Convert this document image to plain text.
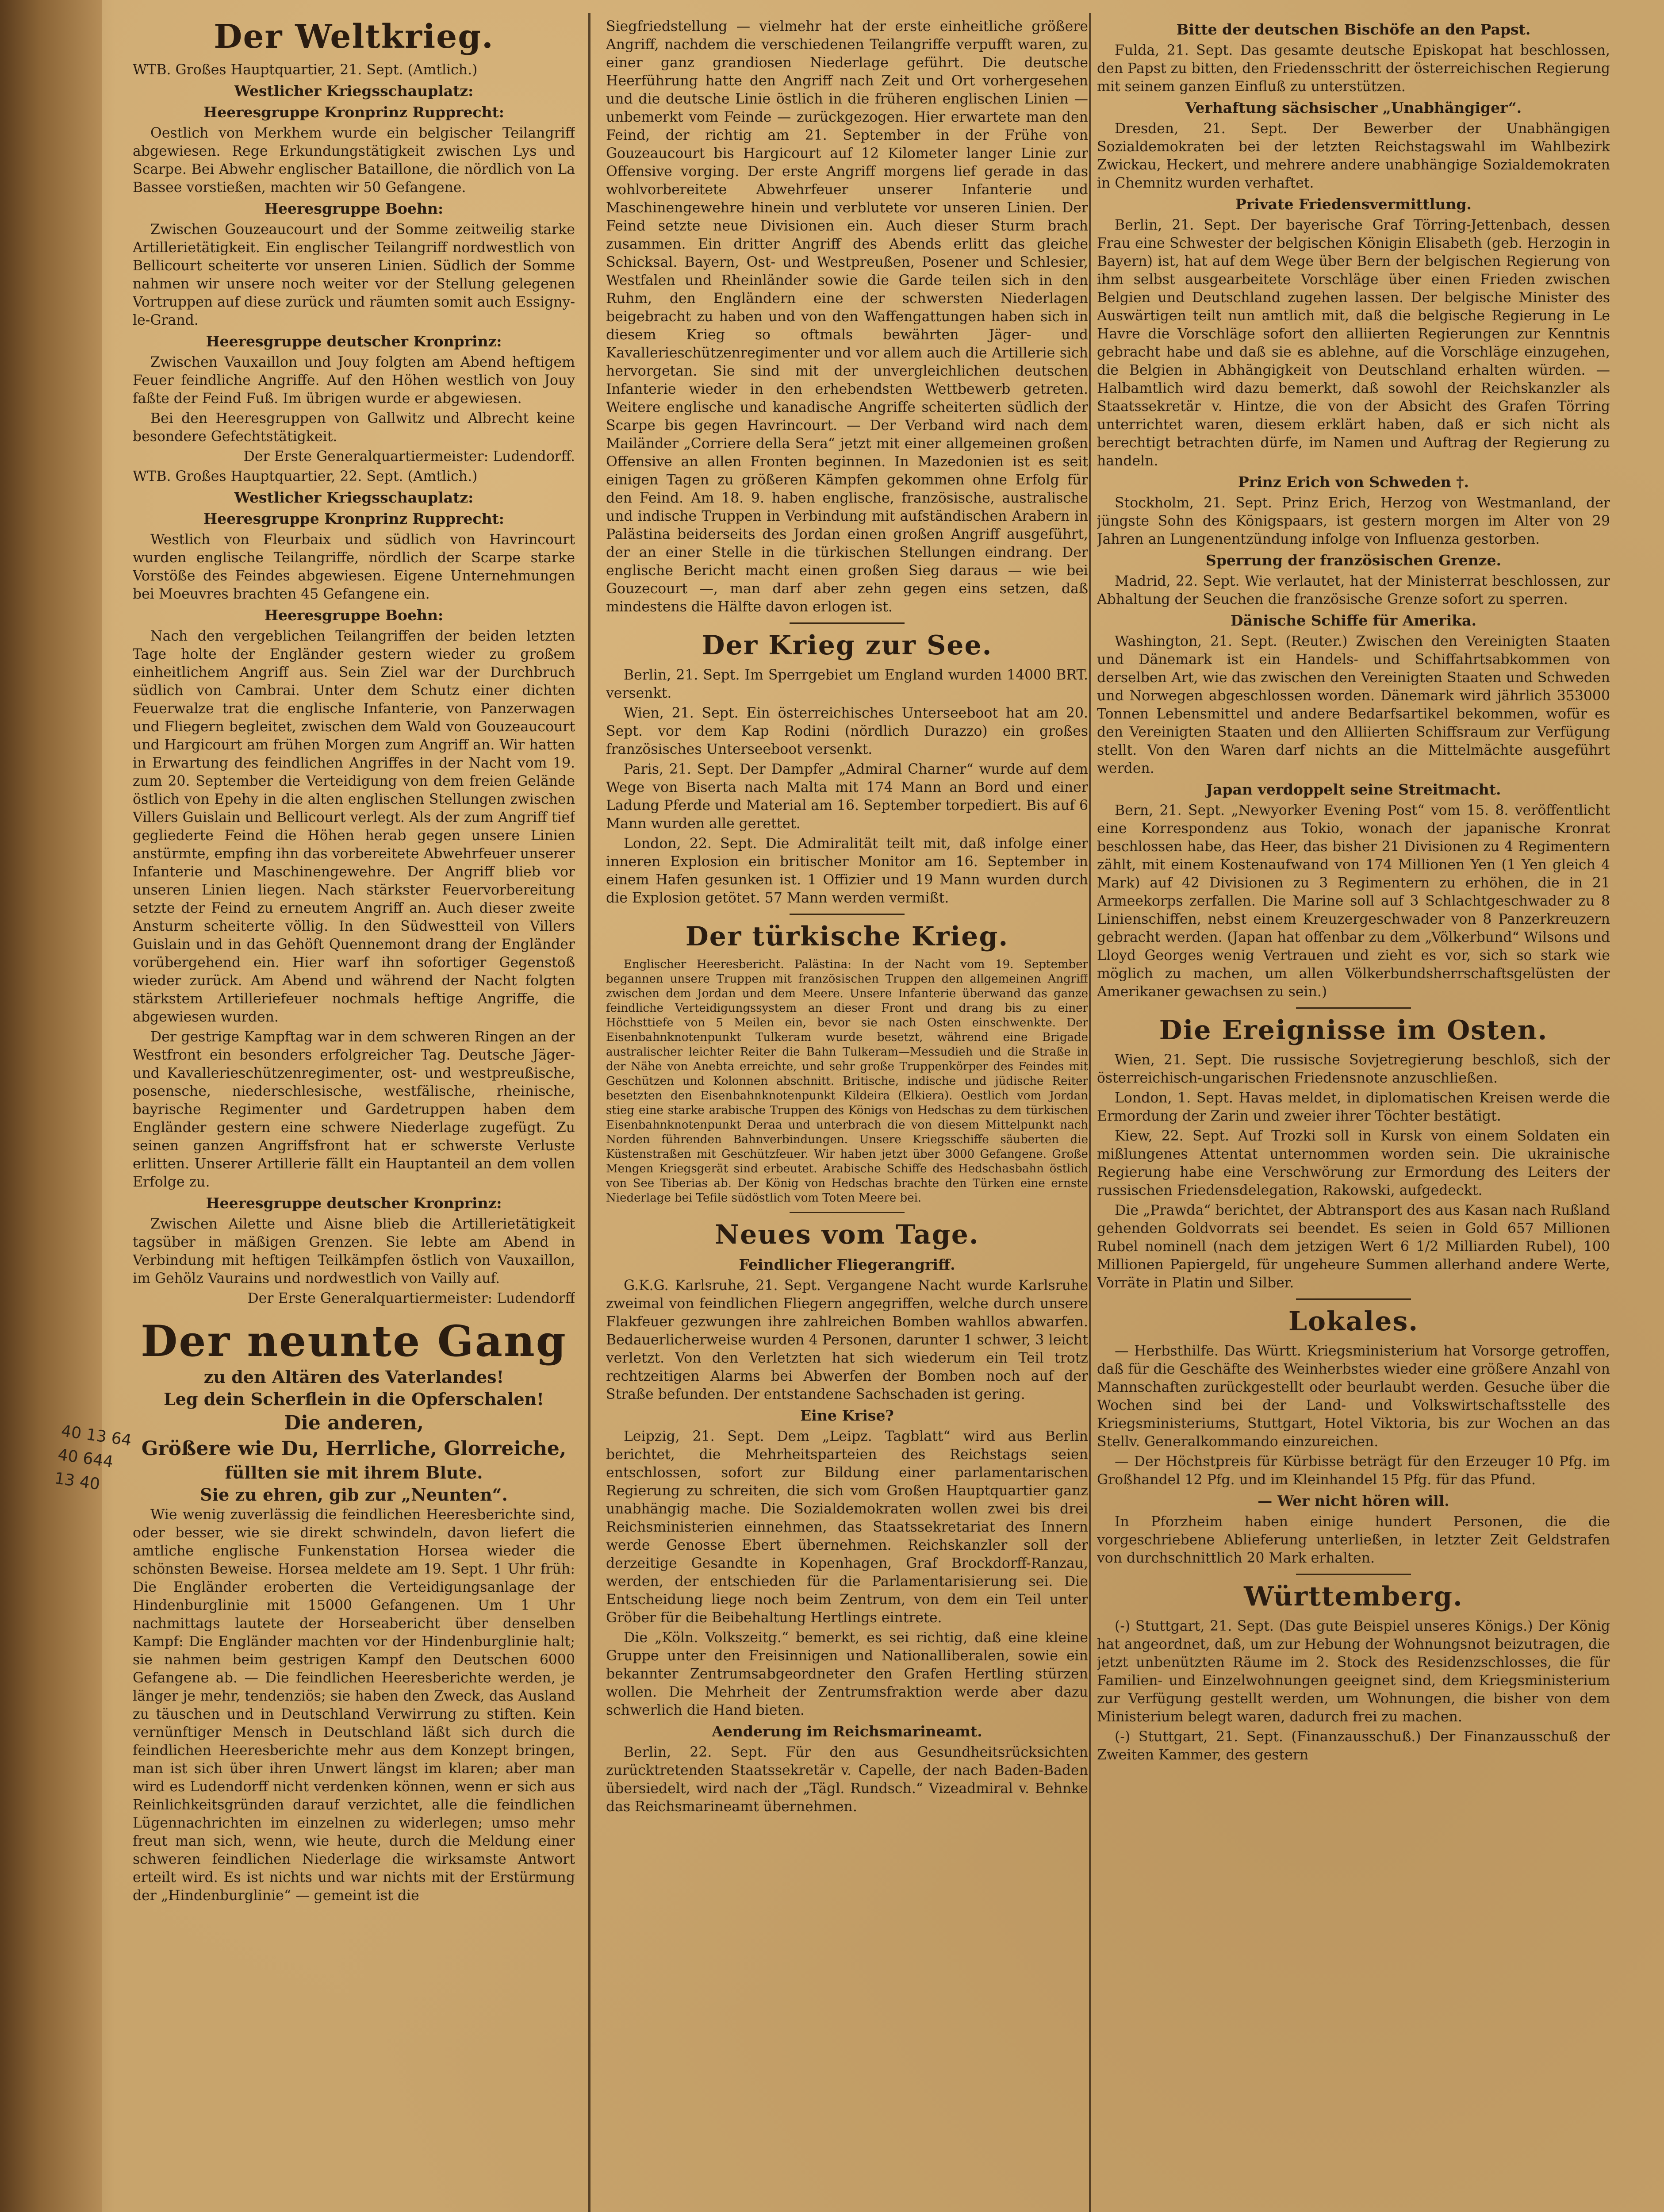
40 13 64 40 644 13 40
Der Weltkrieg.
WTB. Großes Hauptquartier, 21. Sept. (Amtlich.)
Westlicher Kriegsschauplatz:
Heeresgruppe Kronprinz Rupprecht:
Oestlich von Merkhem wurde ein belgischer Teilangriff abgewiesen. Rege Erkundungstätigkeit zwischen Lys und Scarpe. Bei Abwehr englischer Bataillone, die nördlich von La Bassee vorstießen, machten wir 50 Gefangene.
Heeresgruppe Boehn:
Zwischen Gouzeaucourt und der Somme zeitweilig starke Artillerietätigkeit. Ein englischer Teilangriff nordwestlich von Bellicourt scheiterte vor unseren Linien. Südlich der Somme nahmen wir unsere noch weiter vor der Stellung gelegenen Vortruppen auf diese zurück und räumten somit auch Essigny-le-Grand.
Heeresgruppe deutscher Kronprinz:
Zwischen Vauxaillon und Jouy folgten am Abend heftigem Feuer feindliche Angriffe. Auf den Höhen westlich von Jouy faßte der Feind Fuß. Im übrigen wurde er abgewiesen.
Bei den Heeresgruppen von Gallwitz und Albrecht keine besondere Gefechtstätigkeit.
Der Erste Generalquartiermeister: Ludendorff.
WTB. Großes Hauptquartier, 22. Sept. (Amtlich.)
Westlicher Kriegsschauplatz:
Heeresgruppe Kronprinz Rupprecht:
Westlich von Fleurbaix und südlich von Havrincourt wurden englische Teilangriffe, nördlich der Scarpe starke Vorstöße des Feindes abgewiesen. Eigene Unternehmungen bei Moeuvres brachten 45 Gefangene ein.
Heeresgruppe Boehn:
Nach den vergeblichen Teilangriffen der beiden letzten Tage holte der Engländer gestern wieder zu großem einheitlichem Angriff aus. Sein Ziel war der Durchbruch südlich von Cambrai. Unter dem Schutz einer dichten Feuerwalze trat die englische Infanterie, von Panzerwagen und Fliegern begleitet, zwischen dem Wald von Gouzeaucourt und Hargicourt am frühen Morgen zum Angriff an. Wir hatten in Erwartung des feindlichen Angriffes in der Nacht vom 19. zum 20. September die Verteidigung von dem freien Gelände östlich von Epehy in die alten englischen Stellungen zwischen Villers Guislain und Bellicourt verlegt. Als der zum Angriff tief gegliederte Feind die Höhen herab gegen unsere Linien anstürmte, empfing ihn das vorbereitete Abwehrfeuer unserer Infanterie und Maschinengewehre. Der Angriff blieb vor unseren Linien liegen. Nach stärkster Feuervorbereitung setzte der Feind zu erneutem Angriff an. Auch dieser zweite Ansturm scheiterte völlig. In den Südwestteil von Villers Guislain und in das Gehöft Quennemont drang der Engländer vorübergehend ein. Hier warf ihn sofortiger Gegenstoß wieder zurück. Am Abend und während der Nacht folgten stärkstem Artilleriefeuer nochmals heftige Angriffe, die abgewiesen wurden.
Der gestrige Kampftag war in dem schweren Ringen an der Westfront ein besonders erfolgreicher Tag. Deutsche Jäger- und Kavallerieschützenregimenter, ost- und westpreußische, posensche, niederschlesische, westfälische, rheinische, bayrische Regimenter und Gardetruppen haben dem Engländer gestern eine schwere Niederlage zugefügt. Zu seinen ganzen Angriffsfront hat er schwerste Verluste erlitten. Unserer Artillerie fällt ein Hauptanteil an dem vollen Erfolge zu.
Heeresgruppe deutscher Kronprinz:
Zwischen Ailette und Aisne blieb die Artillerietätigkeit tagsüber in mäßigen Grenzen. Sie lebte am Abend in Verbindung mit heftigen Teilkämpfen östlich von Vauxaillon, im Gehölz Vaurains und nordwestlich von Vailly auf.
Der Erste Generalquartiermeister: Ludendorff
Der neunte Gang
zu den Altären des Vaterlandes!
Leg dein Scherflein in die Opferschalen!
Die anderen,
Größere wie Du, Herrliche, Glorreiche,
füllten sie mit ihrem Blute.
Sie zu ehren, gib zur „Neunten“.
Wie wenig zuverlässig die feindlichen Heeresberichte sind, oder besser, wie sie direkt schwindeln, davon liefert die amtliche englische Funkenstation Horsea wieder die schönsten Beweise. Horsea meldete am 19. Sept. 1 Uhr früh: Die Engländer eroberten die Verteidigungsanlage der Hindenburglinie mit 15000 Gefangenen. Um 1 Uhr nachmittags lautete der Horseabericht über denselben Kampf: Die Engländer machten vor der Hindenburglinie halt; sie nahmen beim gestrigen Kampf den Deutschen 6000 Gefangene ab. — Die feindlichen Heeresberichte werden, je länger je mehr, tendenziös; sie haben den Zweck, das Ausland zu täuschen und in Deutschland Verwirrung zu stiften. Kein vernünftiger Mensch in Deutschland läßt sich durch die feindlichen Heeresberichte mehr aus dem Konzept bringen, man ist sich über ihren Unwert längst im klaren; aber man wird es Ludendorff nicht verdenken können, wenn er sich aus Reinlichkeitsgründen darauf verzichtet, alle die feindlichen Lügennachrichten im einzelnen zu widerlegen; umso mehr freut man sich, wenn, wie heute, durch die Meldung einer schweren feindlichen Niederlage die wirksamste Antwort erteilt wird. Es ist nichts und war nichts mit der Erstürmung der „Hindenburglinie“ — gemeint ist die
Siegfriedstellung — vielmehr hat der erste einheitliche größere Angriff, nachdem die verschiedenen Teilangriffe verpufft waren, zu einer ganz grandiosen Niederlage geführt. Die deutsche Heerführung hatte den Angriff nach Zeit und Ort vorhergesehen und die deutsche Linie östlich in die früheren englischen Linien — unbemerkt vom Feinde — zurückgezogen. Hier erwartete man den Feind, der richtig am 21. September in der Frühe von Gouzeaucourt bis Hargicourt auf 12 Kilometer langer Linie zur Offensive vorging. Der erste Angriff morgens lief gerade in das wohlvorbereitete Abwehrfeuer unserer Infanterie und Maschinengewehre hinein und verblutete vor unseren Linien. Der Feind setzte neue Divisionen ein. Auch dieser Sturm brach zusammen. Ein dritter Angriff des Abends erlitt das gleiche Schicksal. Bayern, Ost- und Westpreußen, Posener und Schlesier, Westfalen und Rheinländer sowie die Garde teilen sich in den Ruhm, den Engländern eine der schwersten Niederlagen beigebracht zu haben und von den Waffengattungen haben sich in diesem Krieg so oftmals bewährten Jäger- und Kavallerieschützenregimenter und vor allem auch die Artillerie sich hervorgetan. Sie sind mit der unvergleichlichen deutschen Infanterie wieder in den erhebendsten Wettbewerb getreten. Weitere englische und kanadische Angriffe scheiterten südlich der Scarpe bis gegen Havrincourt. — Der Verband wird nach dem Mailänder „Corriere della Sera“ jetzt mit einer allgemeinen großen Offensive an allen Fronten beginnen. In Mazedonien ist es seit einigen Tagen zu größeren Kämpfen gekommen ohne Erfolg für den Feind. Am 18. 9. haben englische, französische, australische und indische Truppen in Verbindung mit aufständischen Arabern in Palästina beiderseits des Jordan einen großen Angriff ausgeführt, der an einer Stelle in die türkischen Stellungen eindrang. Der englische Bericht macht einen großen Sieg daraus — wie bei Gouzecourt —, man darf aber zehn gegen eins setzen, daß mindestens die Hälfte davon erlogen ist.
Der Krieg zur See.
Berlin, 21. Sept. Im Sperrgebiet um England wurden 14000 BRT. versenkt.
Wien, 21. Sept. Ein österreichisches Unterseeboot hat am 20. Sept. vor dem Kap Rodini (nördlich Durazzo) ein großes französisches Unterseeboot versenkt.
Paris, 21. Sept. Der Dampfer „Admiral Charner“ wurde auf dem Wege von Biserta nach Malta mit 174 Mann an Bord und einer Ladung Pferde und Material am 16. September torpediert. Bis auf 6 Mann wurden alle gerettet.
London, 22. Sept. Die Admiralität teilt mit, daß infolge einer inneren Explosion ein britischer Monitor am 16. September in einem Hafen gesunken ist. 1 Offizier und 19 Mann wurden durch die Explosion getötet. 57 Mann werden vermißt.
Der türkische Krieg.
Englischer Heeresbericht. Palästina: In der Nacht vom 19. September begannen unsere Truppen mit französischen Truppen den allgemeinen Angriff zwischen dem Jordan und dem Meere. Unsere Infanterie überwand das ganze feindliche Verteidigungssystem an dieser Front und drang bis zu einer Höchsttiefe von 5 Meilen ein, bevor sie nach Osten einschwenkte. Der Eisenbahnknotenpunkt Tulkeram wurde besetzt, während eine Brigade australischer leichter Reiter die Bahn Tulkeram—Messudieh und die Straße in der Nähe von Anebta erreichte, und sehr große Truppenkörper des Feindes mit Geschützen und Kolonnen abschnitt. Britische, indische und jüdische Reiter besetzten den Eisenbahnknotenpunkt Kildeira (Elkiera). Oestlich vom Jordan stieg eine starke arabische Truppen des Königs von Hedschas zu dem türkischen Eisenbahnknotenpunkt Deraa und unterbrach die von diesem Mittelpunkt nach Norden führenden Bahnverbindungen. Unsere Kriegsschiffe säuberten die Küstenstraßen mit Geschützfeuer. Wir haben jetzt über 3000 Gefangene. Große Mengen Kriegsgerät sind erbeutet. Arabische Schiffe des Hedschasbahn östlich von See Tiberias ab. Der König von Hedschas brachte den Türken eine ernste Niederlage bei Tefile südöstlich vom Toten Meere bei.
Neues vom Tage.
Feindlicher Fliegerangriff.
G.K.G. Karlsruhe, 21. Sept. Vergangene Nacht wurde Karlsruhe zweimal von feindlichen Fliegern angegriffen, welche durch unsere Flakfeuer gezwungen ihre zahlreichen Bomben wahllos abwarfen. Bedauerlicherweise wurden 4 Personen, darunter 1 schwer, 3 leicht verletzt. Von den Verletzten hat sich wiederum ein Teil trotz rechtzeitigen Alarms bei Abwerfen der Bomben noch auf der Straße befunden. Der entstandene Sachschaden ist gering.
Eine Krise?
Leipzig, 21. Sept. Dem „Leipz. Tagblatt“ wird aus Berlin berichtet, die Mehrheitsparteien des Reichstags seien entschlossen, sofort zur Bildung einer parlamentarischen Regierung zu schreiten, die sich vom Großen Hauptquartier ganz unabhängig mache. Die Sozialdemokraten wollen zwei bis drei Reichsministerien einnehmen, das Staatssekretariat des Innern werde Genosse Ebert übernehmen. Reichskanzler soll der derzeitige Gesandte in Kopenhagen, Graf Brockdorff-Ranzau, werden, der entschieden für die Parlamentarisierung sei. Die Entscheidung liege noch beim Zentrum, von dem ein Teil unter Gröber für die Beibehaltung Hertlings eintrete.
Die „Köln. Volkszeitg.“ bemerkt, es sei richtig, daß eine kleine Gruppe unter den Freisinnigen und Nationalliberalen, sowie ein bekannter Zentrumsabgeordneter den Grafen Hertling stürzen wollen. Die Mehrheit der Zentrumsfraktion werde aber dazu schwerlich die Hand bieten.
Aenderung im Reichsmarineamt.
Berlin, 22. Sept. Für den aus Gesundheitsrücksichten zurücktretenden Staatssekretär v. Capelle, der nach Baden-Baden übersiedelt, wird nach der „Tägl. Rundsch.“ Vizeadmiral v. Behnke das Reichsmarineamt übernehmen.
Bitte der deutschen Bischöfe an den Papst.
Fulda, 21. Sept. Das gesamte deutsche Episkopat hat beschlossen, den Papst zu bitten, den Friedensschritt der österreichischen Regierung mit seinem ganzen Einfluß zu unterstützen.
Verhaftung sächsischer „Unabhängiger“.
Dresden, 21. Sept. Der Bewerber der Unabhängigen Sozialdemokraten bei der letzten Reichstagswahl im Wahlbezirk Zwickau, Heckert, und mehrere andere unabhängige Sozialdemokraten in Chemnitz wurden verhaftet.
Private Friedensvermittlung.
Berlin, 21. Sept. Der bayerische Graf Törring-Jettenbach, dessen Frau eine Schwester der belgischen Königin Elisabeth (geb. Herzogin in Bayern) ist, hat auf dem Wege über Bern der belgischen Regierung von ihm selbst ausgearbeitete Vorschläge über einen Frieden zwischen Belgien und Deutschland zugehen lassen. Der belgische Minister des Auswärtigen teilt nun amtlich mit, daß die belgische Regierung in Le Havre die Vorschläge sofort den alliierten Regierungen zur Kenntnis gebracht habe und daß sie es ablehne, auf die Vorschläge einzugehen, die Belgien in Abhängigkeit von Deutschland erhalten würden. — Halbamtlich wird dazu bemerkt, daß sowohl der Reichskanzler als Staatssekretär v. Hintze, die von der Absicht des Grafen Törring unterrichtet waren, diesem erklärt haben, daß er sich nicht als berechtigt betrachten dürfe, im Namen und Auftrag der Regierung zu handeln.
Prinz Erich von Schweden †.
Stockholm, 21. Sept. Prinz Erich, Herzog von Westmanland, der jüngste Sohn des Königspaars, ist gestern morgen im Alter von 29 Jahren an Lungenentzündung infolge von Influenza gestorben.
Sperrung der französischen Grenze.
Madrid, 22. Sept. Wie verlautet, hat der Ministerrat beschlossen, zur Abhaltung der Seuchen die französische Grenze sofort zu sperren.
Dänische Schiffe für Amerika.
Washington, 21. Sept. (Reuter.) Zwischen den Vereinigten Staaten und Dänemark ist ein Handels- und Schiffahrtsabkommen von derselben Art, wie das zwischen den Vereinigten Staaten und Schweden und Norwegen abgeschlossen worden. Dänemark wird jährlich 353000 Tonnen Lebensmittel und andere Bedarfsartikel bekommen, wofür es den Vereinigten Staaten und den Alliierten Schiffsraum zur Verfügung stellt. Von den Waren darf nichts an die Mittelmächte ausgeführt werden.
Japan verdoppelt seine Streitmacht.
Bern, 21. Sept. „Newyorker Evening Post“ vom 15. 8. veröffentlicht eine Korrespondenz aus Tokio, wonach der japanische Kronrat beschlossen habe, das Heer, das bisher 21 Divisionen zu 4 Regimentern zählt, mit einem Kostenaufwand von 174 Millionen Yen (1 Yen gleich 4 Mark) auf 42 Divisionen zu 3 Regimentern zu erhöhen, die in 21 Armeekorps zerfallen. Die Marine soll auf 3 Schlachtgeschwader zu 8 Linienschiffen, nebst einem Kreuzergeschwader von 8 Panzerkreuzern gebracht werden. (Japan hat offenbar zu dem „Völkerbund“ Wilsons und Lloyd Georges wenig Vertrauen und zieht es vor, sich so stark wie möglich zu machen, um allen Völkerbundsherrschaftsgelüsten der Amerikaner gewachsen zu sein.)
Die Ereignisse im Osten.
Wien, 21. Sept. Die russische Sovjetregierung beschloß, sich der österreichisch-ungarischen Friedensnote anzuschließen.
London, 1. Sept. Havas meldet, in diplomatischen Kreisen werde die Ermordung der Zarin und zweier ihrer Töchter bestätigt.
Kiew, 22. Sept. Auf Trozki soll in Kursk von einem Soldaten ein mißlungenes Attentat unternommen worden sein. Die ukrainische Regierung habe eine Verschwörung zur Ermordung des Leiters der russischen Friedensdelegation, Rakowski, aufgedeckt.
Die „Prawda“ berichtet, der Abtransport des aus Kasan nach Rußland gehenden Goldvorrats sei beendet. Es seien in Gold 657 Millionen Rubel nominell (nach dem jetzigen Wert 6 1/2 Milliarden Rubel), 100 Millionen Papiergeld, für ungeheure Summen allerhand andere Werte, Vorräte in Platin und Silber.
Lokales.
— Herbsthilfe. Das Württ. Kriegsministerium hat Vorsorge getroffen, daß für die Geschäfte des Weinherbstes wieder eine größere Anzahl von Mannschaften zurückgestellt oder beurlaubt werden. Gesuche über die Wochen sind bei der Land- und Volkswirtschaftsstelle des Kriegsministeriums, Stuttgart, Hotel Viktoria, bis zur Wochen an das Stellv. Generalkommando einzureichen.
— Der Höchstpreis für Kürbisse beträgt für den Erzeuger 10 Pfg. im Großhandel 12 Pfg. und im Kleinhandel 15 Pfg. für das Pfund.
— Wer nicht hören will.
In Pforzheim haben einige hundert Personen, die die vorgeschriebene Ablieferung unterließen, in letzter Zeit Geldstrafen von durchschnittlich 20 Mark erhalten.
Württemberg.
(-) Stuttgart, 21. Sept. (Das gute Beispiel unseres Königs.) Der König hat angeordnet, daß, um zur Hebung der Wohnungsnot beizutragen, die jetzt unbenützten Räume im 2. Stock des Residenzschlosses, die für Familien- und Einzelwohnungen geeignet sind, dem Kriegsministerium zur Verfügung gestellt werden, um Wohnungen, die bisher von dem Ministerium belegt waren, dadurch frei zu machen.
(-) Stuttgart, 21. Sept. (Finanzausschuß.) Der Finanzausschuß der Zweiten Kammer, des gestern
